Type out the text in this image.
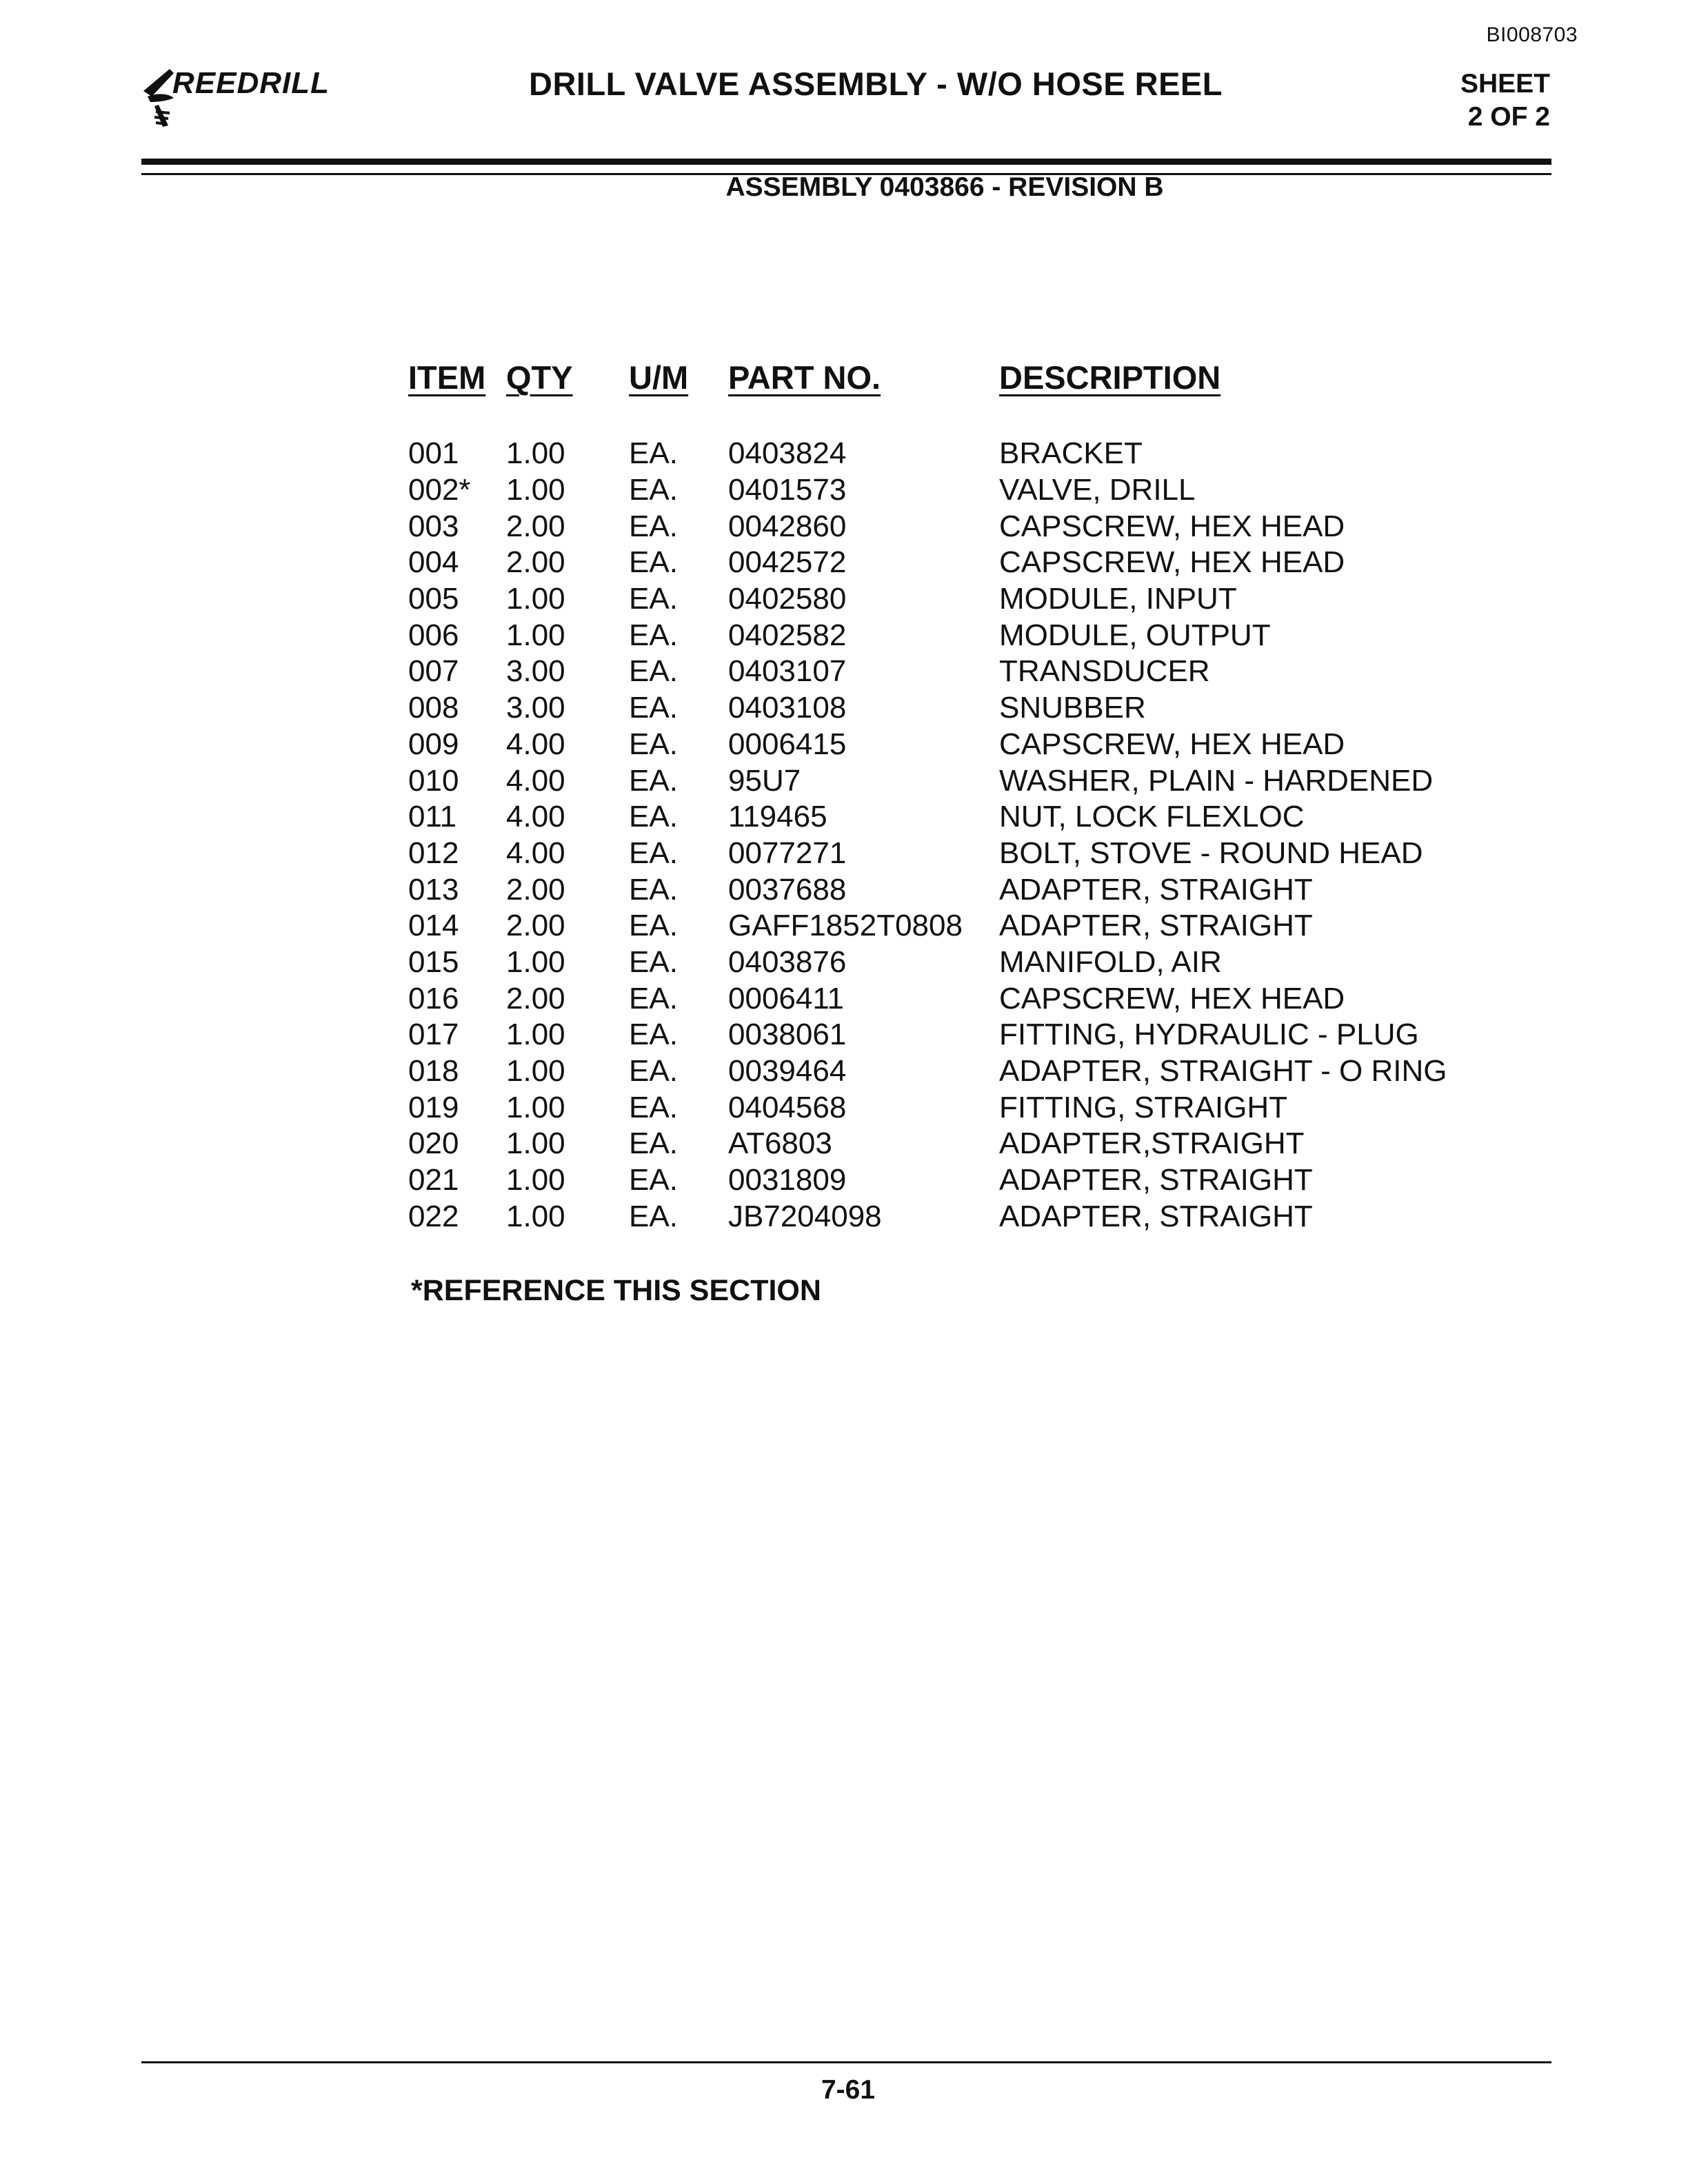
BI008703
REEDRILL	DRILL VALVE ASSEMBLY - W/O HOSE REEL	SHEET
2 OF 2
ASSEMBLY 0403866 - REVISION B
ITEM	QTY	U/M	PART NO.	DESCRIPTION

001	1.00	EA.	0403824	BRACKET
002*	1.00	EA.	0401573	VALVE, DRILL
003	2.00	EA.	0042860	CAPSCREW, HEX HEAD
004	2.00	EA.	0042572	CAPSCREW, HEX HEAD
005	1.00	EA.	0402580	MODULE, INPUT
006	1.00	EA.	0402582	MODULE, OUTPUT
007	3.00	EA.	0403107	TRANSDUCER
008	3.00	EA.	0403108	SNUBBER
009	4.00	EA.	0006415	CAPSCREW, HEX HEAD
010	4.00	EA.	95U7	WASHER, PLAIN - HARDENED
011	4.00	EA.	119465	NUT, LOCK FLEXLOC
012	4.00	EA.	0077271	BOLT, STOVE - ROUND HEAD
013	2.00	EA.	0037688	ADAPTER, STRAIGHT
014	2.00	EA.	GAFF1852T0808	ADAPTER, STRAIGHT
015	1.00	EA.	0403876	MANIFOLD, AIR
016	2.00	EA.	0006411	CAPSCREW, HEX HEAD
017	1.00	EA.	0038061	FITTING, HYDRAULIC - PLUG
018	1.00	EA.	0039464	ADAPTER, STRAIGHT - O RING
019	1.00	EA.	0404568	FITTING, STRAIGHT
020	1.00	EA.	AT6803	ADAPTER,STRAIGHT
021	1.00	EA.	0031809	ADAPTER, STRAIGHT
022	1.00	EA.	JB7204098	ADAPTER, STRAIGHT
*REFERENCE THIS SECTION
7-61
